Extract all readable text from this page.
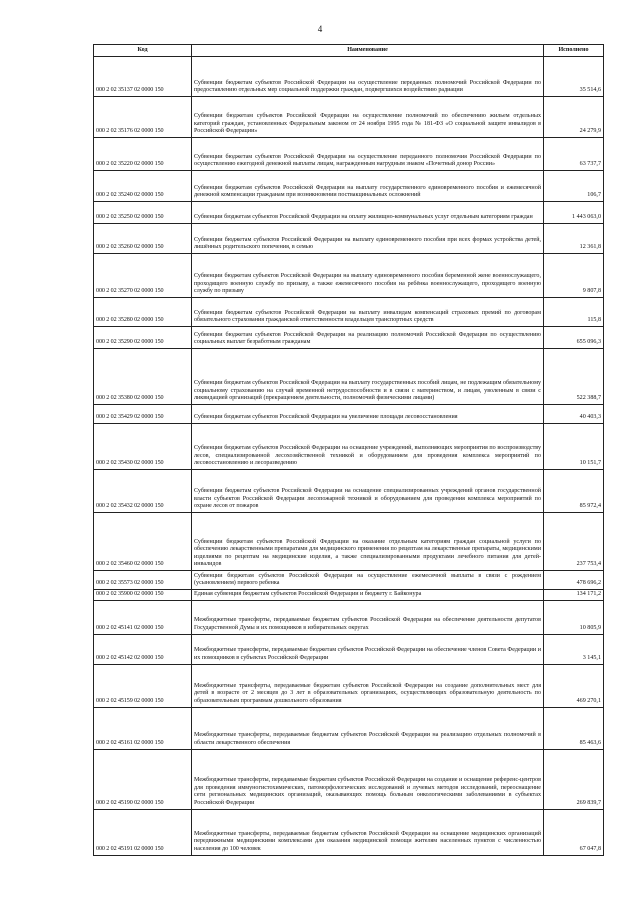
4
Код	Наименование	Исполнено
000 2 02 35137 02 0000 150	Субвенции бюджетам субъектов Российской Федерации на осуществление переданных полномочий Российской Федерации по предоставлению отдельных мер социальной поддержки граждан, подвергшихся воздействию радиации	35 514,6
000 2 02 35176 02 0000 150	Субвенции бюджетам субъектов Российской Федерации на осуществление полномочий по обеспечению жильем отдельных категорий граждан, установленных Федеральным законом от 24 ноября 1995 года № 181-ФЗ «О социальной защите инвалидов в Российской Федерации»	24 279,9
000 2 02 35220 02 0000 150	Субвенции бюджетам субъектов Российской Федерации на осуществление переданного полномочия Российской Федерации по осуществлению ежегодной денежной выплаты лицам, награжденным нагрудным знаком «Почетный донор России»	63 737,7
000 2 02 35240 02 0000 150	Субвенции бюджетам субъектов Российской Федерации на выплату государственного единовременного пособия и ежемесячной денежной компенсации гражданам при возникновении поствакцинальных осложнений	106,7
000 2 02 35250 02 0000 150	Субвенции бюджетам субъектов Российской Федерации на оплату жилищно-коммунальных услуг отдельным категориям граждан	1 443 063,0
000 2 02 35260 02 0000 150	Субвенции бюджетам субъектов Российской Федерации на выплату единовременного пособия при всех формах устройства детей, лишённых родительского попечения, в семью	12 361,8
000 2 02 35270 02 0000 150	Субвенции бюджетам субъектов Российской Федерации на выплату единовременного пособия беременной жене военнослужащего, проходящего военную службу по призыву, а также ежемесячного пособия на ребёнка военнослужащего, проходящего военную службу по призыву	9 807,8
000 2 02 35280 02 0000 150	Субвенции бюджетам субъектов Российской Федерации на выплату инвалидам компенсаций страховых премий по договорам обязательного страхования гражданской ответственности владельцев транспортных средств	115,8
000 2 02 35290 02 0000 150	Субвенции бюджетам субъектов Российской Федерации на реализацию полномочий Российской Федерации по осуществлению социальных выплат безработным гражданам	655 096,3
000 2 02 35380 02 0000 150	Субвенции бюджетам субъектов Российской Федерации на выплату государственных пособий лицам, не подлежащим обязательному социальному страхованию на случай временной нетрудоспособности и в связи с материнством, и лицам, уволенным в связи с ликвидацией организаций (прекращением деятельности, полномочий физическими лицами)	522 388,7
000 2 02 35429 02 0000 150	Субвенции бюджетам субъектов Российской Федерации на увеличение площади лесовосстановления	40 403,3
000 2 02 35430 02 0000 150	Субвенции бюджетам субъектов Российской Федерации на оснащение учреждений, выполняющих мероприятия по воспроизводству лесов, специализированной лесохозяйственной техникой и оборудованием для проведения комплекса мероприятий по лесовосстановлению и лесоразведению	10 151,7
000 2 02 35432 02 0000 150	Субвенции бюджетам субъектов Российской Федерации на оснащение специализированных учреждений органов государственной власти субъектов Российской Федерации лесопожарной техникой и оборудованием для проведения комплекса мероприятий по охране лесов от пожаров	85 972,4
000 2 02 35460 02 0000 150	Субвенции бюджетам субъектов Российской Федерации на оказание отдельным категориям граждан социальной услуги по обеспечению лекарственными препаратами для медицинского применения по рецептам на лекарственные препараты, медицинскими изделиями по рецептам на медицинские изделия, а также специализированными продуктами лечебного питания для детей-инвалидов	237 753,4
000 2 02 35573 02 0000 150	Субвенции бюджетам субъектов Российской Федерации на осуществление ежемесячной выплаты в связи с рождением (усыновлением) первого ребенка	478 696,2
000 2 02 35900 02 0000 150	Единая субвенция бюджетам субъектов Российской Федерации и бюджету г. Байконура	134 171,2
000 2 02 45141 02 0000 150	Межбюджетные трансферты, передаваемые бюджетам субъектов Российской Федерации на обеспечение деятельности депутатов Государственной Думы и их помощников в избирательных округах	10 805,9
000 2 02 45142 02 0000 150	Межбюджетные трансферты, передаваемые бюджетам субъектов Российской Федерации на обеспечение членов Совета Федерации и их помощников в субъектах Российской Федерации	3 145,1
000 2 02 45159 02 0000 150	Межбюджетные трансферты, передаваемые бюджетам субъектов Российской Федерации на создание дополнительных мест для детей в возрасте от 2 месяцев до 3 лет в образовательных организациях, осуществляющих образовательную деятельность по образовательным программам дошкольного образования	469 270,1
000 2 02 45161 02 0000 150	Межбюджетные трансферты, передаваемые бюджетам субъектов Российской Федерации на реализацию отдельных полномочий в области лекарственного обеспечения	85 463,6
000 2 02 45190 02 0000 150	Межбюджетные трансферты, передаваемые бюджетам субъектов Российской Федерации на создание и оснащение референс-центров для проведения иммуногистохимических, патоморфологических исследований и лучевых методов исследований, переоснащение сети региональных медицинских организаций, оказывающих помощь больным онкологическими заболеваниями в субъектах Российской Федерации	269 839,7
000 2 02 45191 02 0000 150	Межбюджетные трансферты, передаваемые бюджетам субъектов Российской Федерации на оснащение медицинских организаций передвижными медицинскими комплексами для оказания медицинской помощи жителям населенных пунктов с численностью населения до 100 человек	67 047,8
